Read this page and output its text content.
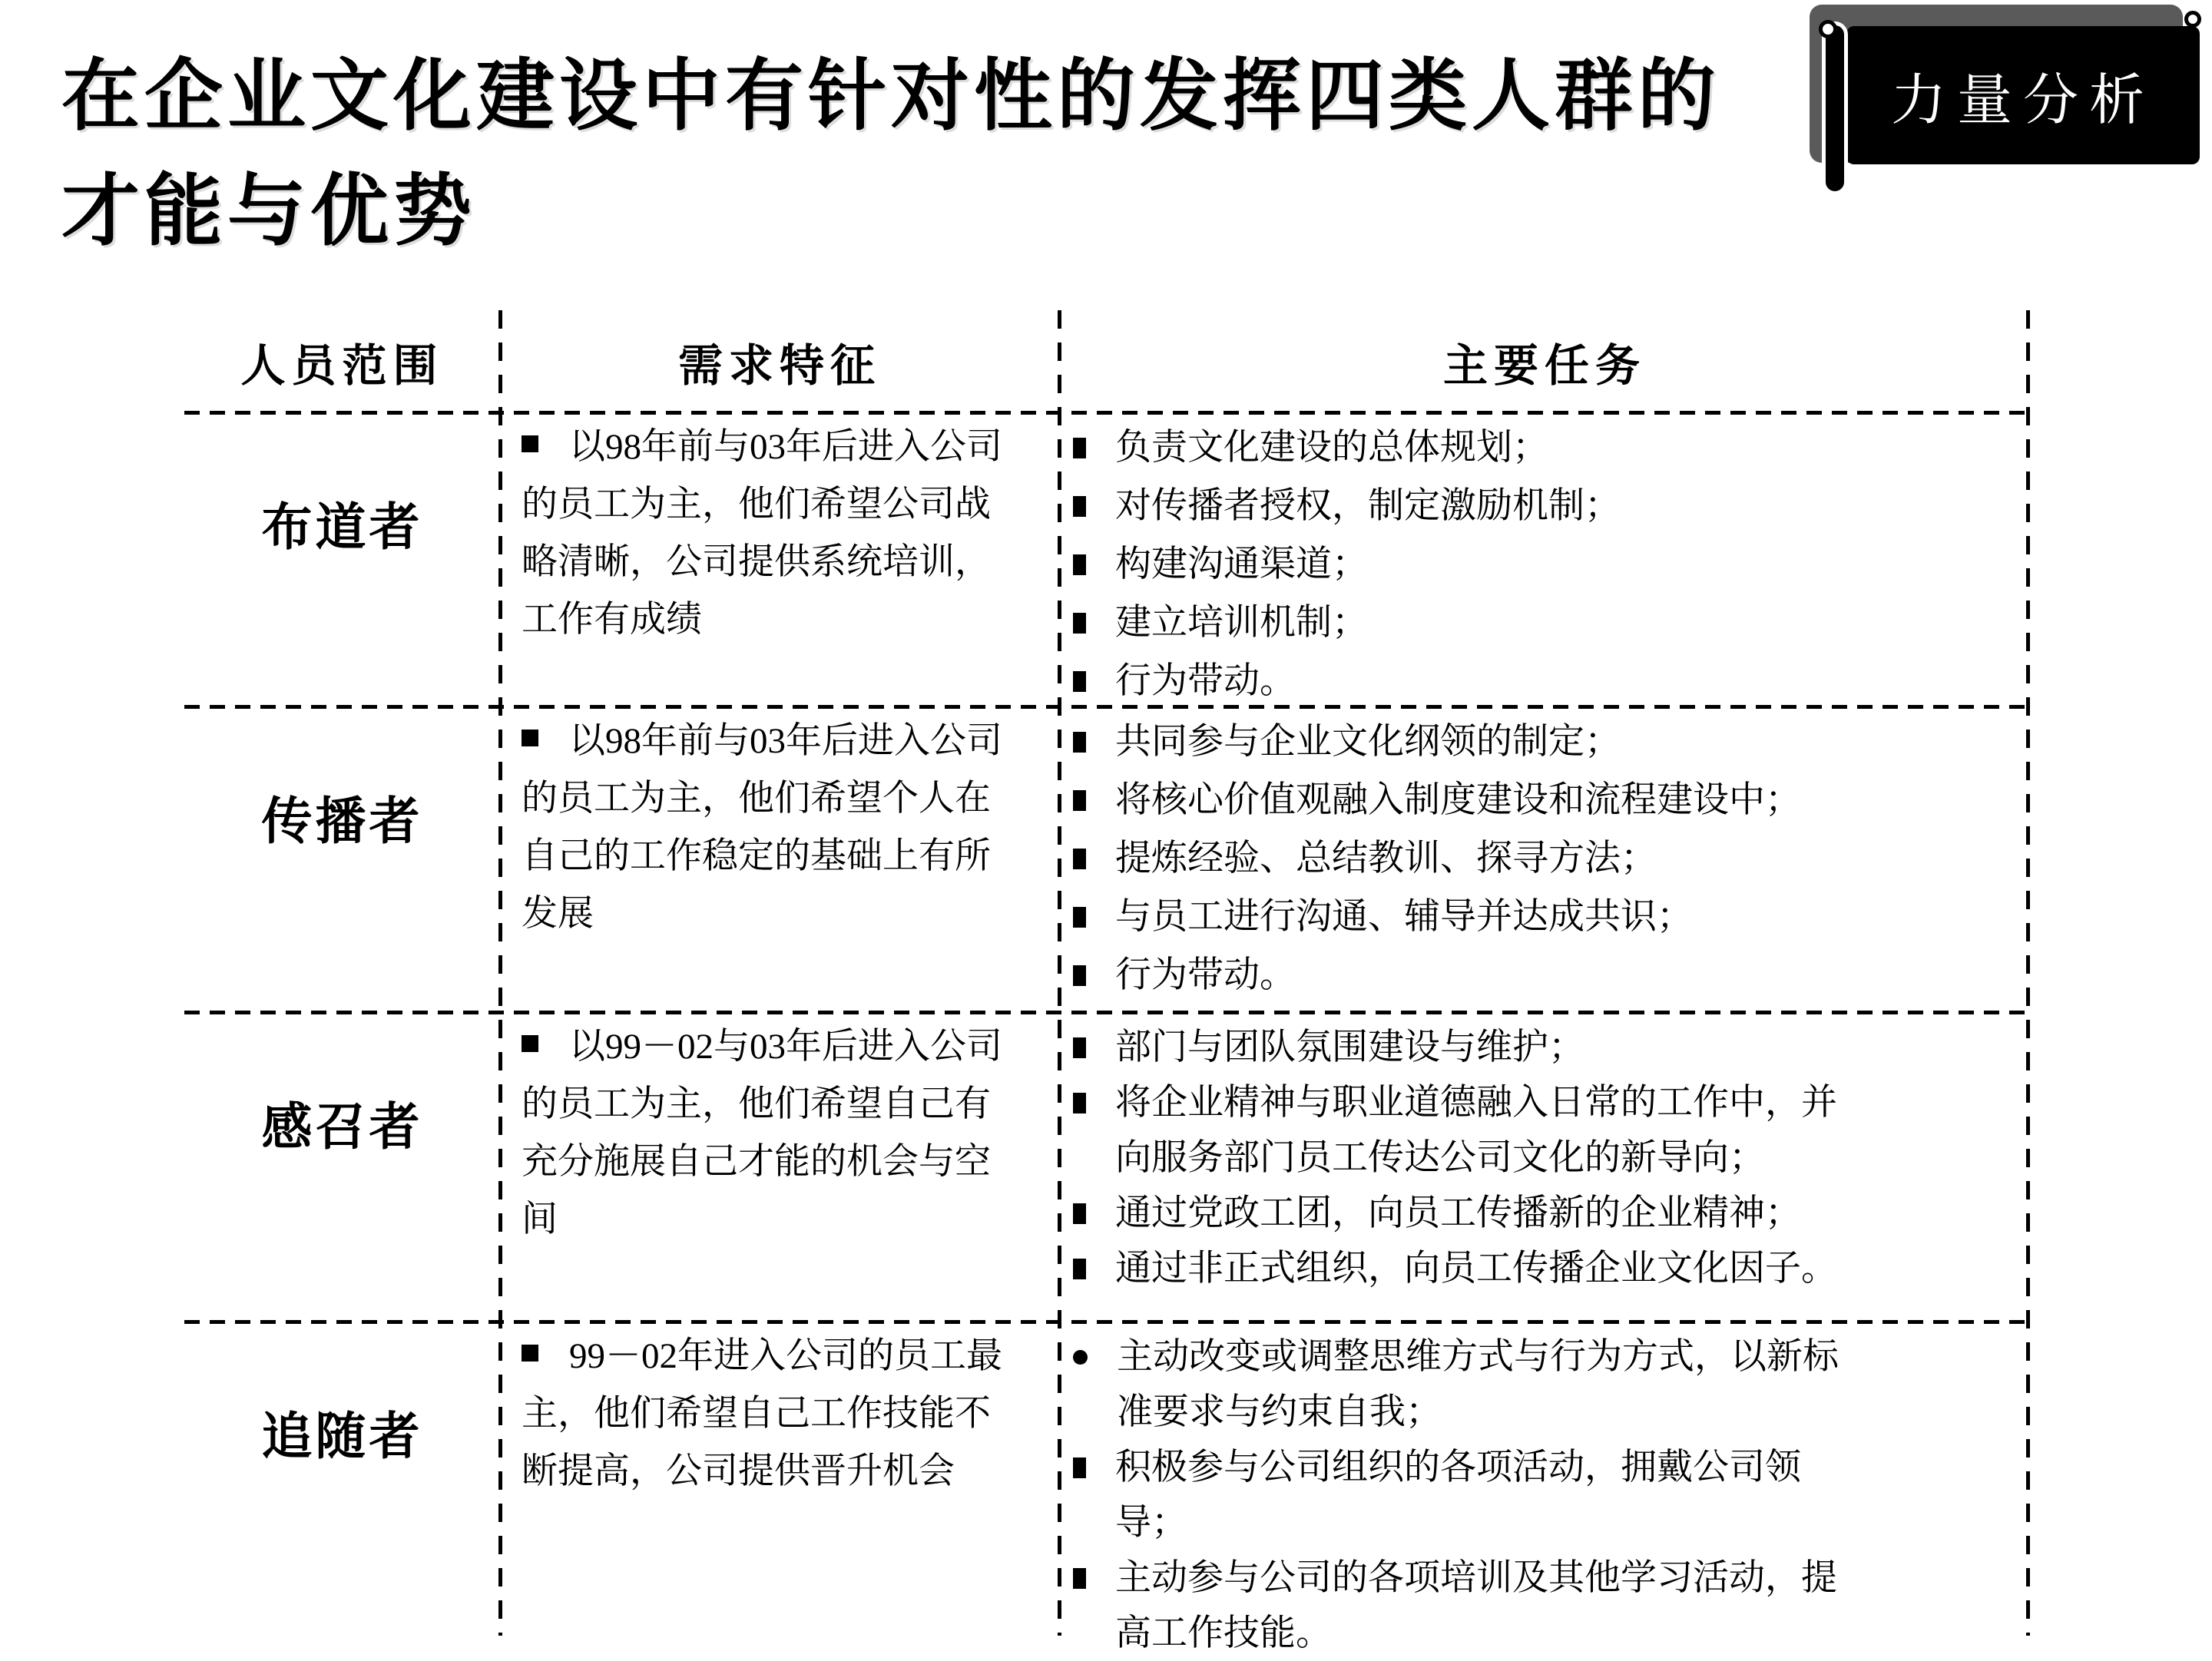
在企业文化建设中有针对性的发挥四类人群的
才能与优势
力量分析
人员范围	需求特征	主要任务
布道者
以98年前与03年后进入公司的员工为主，他们希望公司战略清晰，公司提供系统培训，工作有成绩
负责文化建设的总体规划；
对传播者授权，制定激励机制；
构建沟通渠道；
建立培训机制；
行为带动。
传播者
以98年前与03年后进入公司的员工为主，他们希望个人在自己的工作稳定的基础上有所发展
共同参与企业文化纲领的制定；
将核心价值观融入制度建设和流程建设中；
提炼经验、总结教训、探寻方法；
与员工进行沟通、辅导并达成共识；
行为带动。
感召者
以99－02与03年后进入公司的员工为主，他们希望自己有充分施展自己才能的机会与空间
部门与团队氛围建设与维护；
将企业精神与职业道德融入日常的工作中，并向服务部门员工传达公司文化的新导向；
通过党政工团，向员工传播新的企业精神；
通过非正式组织，向员工传播企业文化因子。
追随者
99－02年进入公司的员工最主，他们希望自己工作技能不断提高，公司提供晋升机会
主动改变或调整思维方式与行为方式，以新标准要求与约束自我；
积极参与公司组织的各项活动，拥戴公司领导；
主动参与公司的各项培训及其他学习活动，提高工作技能。
